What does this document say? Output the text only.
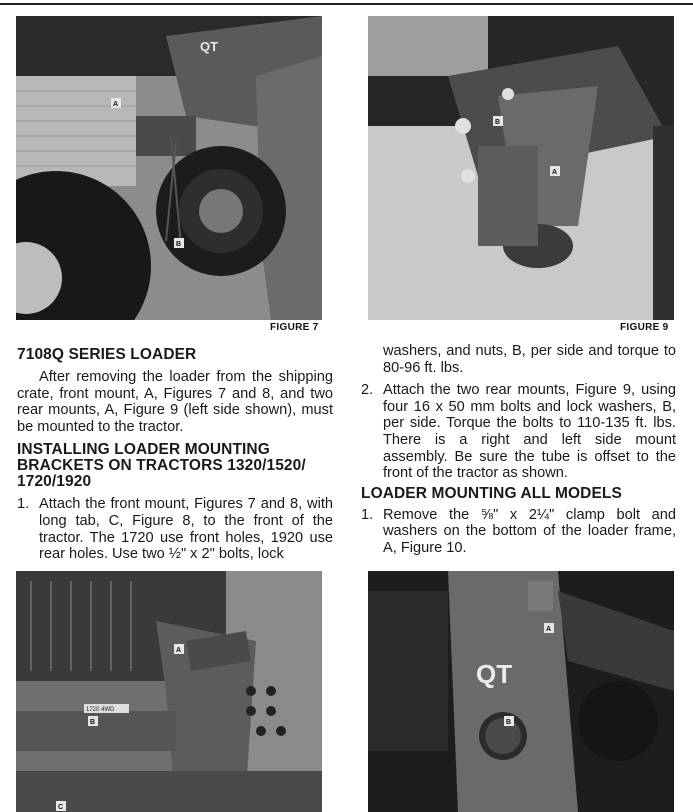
QT
A
B
FIGURE 7
B
A
FIGURE 9

7108Q SERIES LOADER

After removing the loader from the shipping crate, front mount, A, Figures 7 and 8, and two rear mounts, A, Figure 9 (left side shown), must be mounted to the tractor.

INSTALLING LOADER MOUNTING BRACKETS ON TRACTORS 1320/1520/ 1720/1920

1. Attach the front mount, Figures 7 and 8, with long tab, C, Figure 8, to the front of the tractor. The 1720 use front holes, 1920 use rear holes. Use two ½" x 2" bolts, lock

washers, and nuts, B, per side and torque to 80-96 ft. lbs.

2. Attach the two rear mounts, Figure 9, using four 16 x 50 mm bolts and lock washers, B, per side. Torque the bolts to 110-135 ft. lbs. There is a right and left side mount assembly. Be sure the tube is offset to the front of the tractor as shown.

LOADER MOUNTING ALL MODELS

1. Remove the ⅝" x 2¼" clamp bolt and washers on the bottom of the loader frame, A, Figure 10.
1720 4WD
A
B
C
QT
A
B
